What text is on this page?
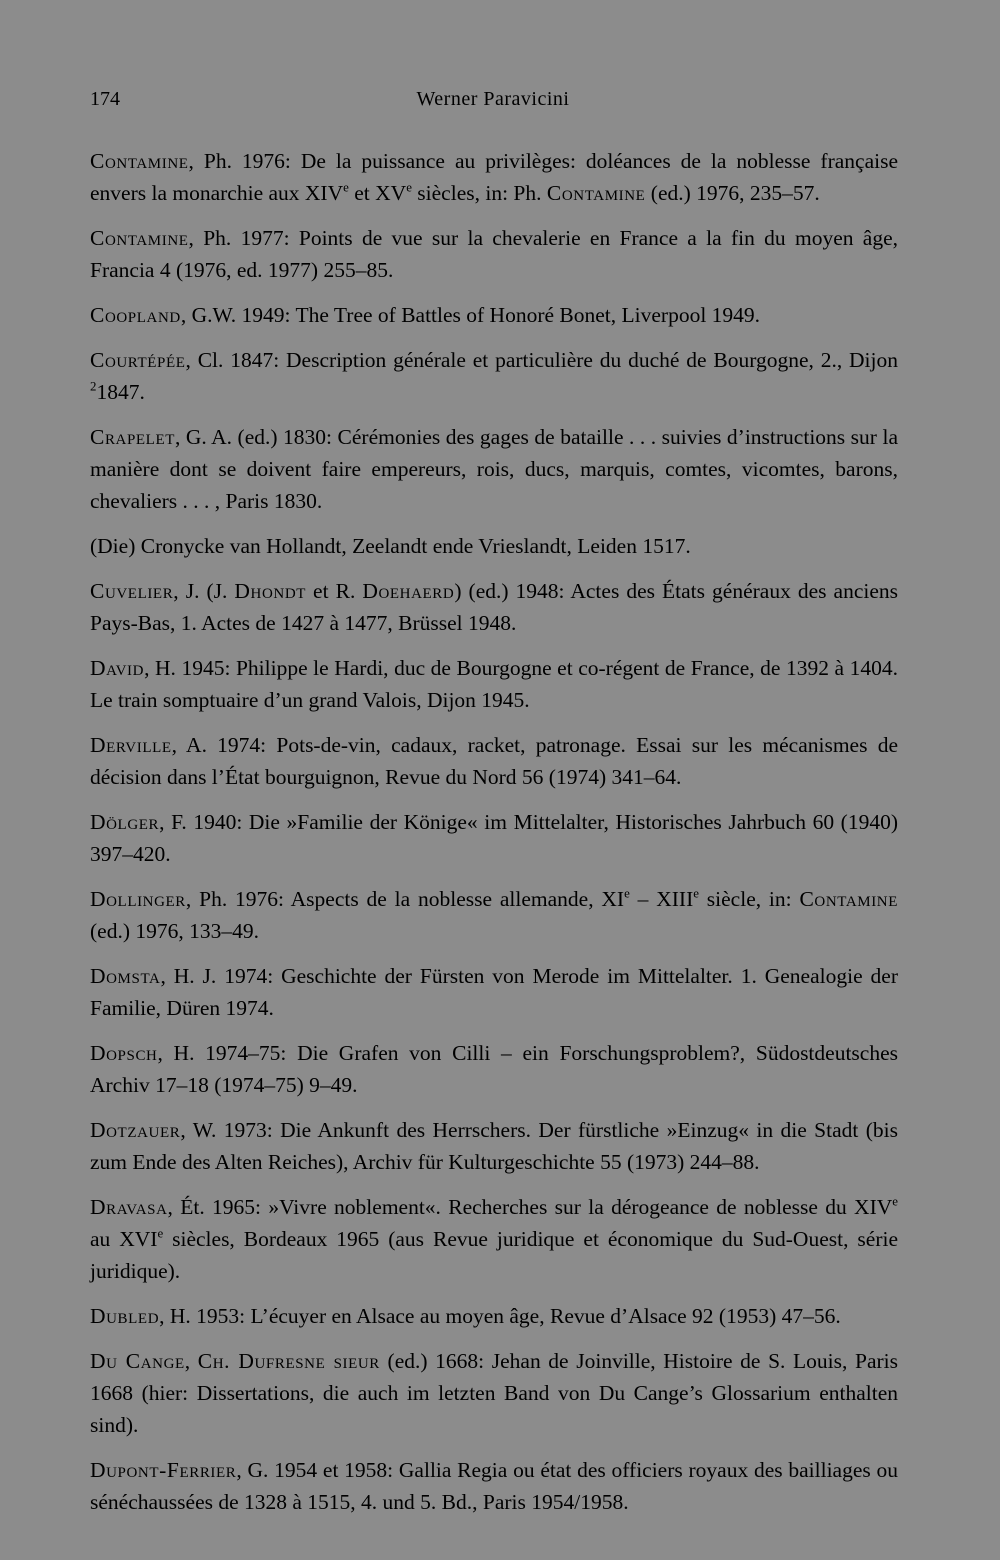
174	Werner Paravicini

Contamine, Ph. 1976: De la puissance au privilèges: doléances de la noblesse française envers la monarchie aux XIVe et XVe siècles, in: Ph. Contamine (ed.) 1976, 235–57.

Contamine, Ph. 1977: Points de vue sur la chevalerie en France a la fin du moyen âge, Francia 4 (1976, ed. 1977) 255–85.

Coopland, G.W. 1949: The Tree of Battles of Honoré Bonet, Liverpool 1949.

Courtépée, Cl. 1847: Description générale et particulière du duché de Bourgogne, 2., Dijon $^2$1847.

Crapelet, G. A. (ed.) 1830: Cérémonies des gages de bataille . . . suivies d’instructions sur la manière dont se doivent faire empereurs, rois, ducs, marquis, comtes, vicomtes, barons, chevaliers . . . , Paris 1830.

(Die) Cronycke van Hollandt, Zeelandt ende Vrieslandt, Leiden 1517.

Cuvelier, J. (J. Dhondt et R. Doehaerd) (ed.) 1948: Actes des États généraux des anciens Pays-Bas, 1. Actes de 1427 à 1477, Brüssel 1948.

David, H. 1945: Philippe le Hardi, duc de Bourgogne et co-régent de France, de 1392 à 1404. Le train somptuaire d’un grand Valois, Dijon 1945.

Derville, A. 1974: Pots-de-vin, cadaux, racket, patronage. Essai sur les mécanismes de décision dans l’État bourguignon, Revue du Nord 56 (1974) 341–64.

Dölger, F. 1940: Die »Familie der Könige« im Mittelalter, Historisches Jahrbuch 60 (1940) 397–420.

Dollinger, Ph. 1976: Aspects de la noblesse allemande, XIe – XIIIe siècle, in: Contamine (ed.) 1976, 133–49.

Domsta, H. J. 1974: Geschichte der Fürsten von Merode im Mittelalter. 1. Genealogie der Familie, Düren 1974.

Dopsch, H. 1974–75: Die Grafen von Cilli – ein Forschungsproblem?, Südostdeutsches Archiv 17–18 (1974–75) 9–49.

Dotzauer, W. 1973: Die Ankunft des Herrschers. Der fürstliche »Einzug« in die Stadt (bis zum Ende des Alten Reiches), Archiv für Kulturgeschichte 55 (1973) 244–88.

Dravasa, Ét. 1965: »Vivre noblement«. Recherches sur la dérogeance de noblesse du XIVe au XVIe siècles, Bordeaux 1965 (aus Revue juridique et économique du Sud-Ouest, série juridique).

Dubled, H. 1953: L’écuyer en Alsace au moyen âge, Revue d’Alsace 92 (1953) 47–56.

Du Cange, Ch. Dufresne sieur (ed.) 1668: Jehan de Joinville, Histoire de S. Louis, Paris 1668 (hier: Dissertations, die auch im letzten Band von Du Cange’s Glossarium enthalten sind).

Dupont-Ferrier, G. 1954 et 1958: Gallia Regia ou état des officiers royaux des bailliages ou sénéchaussées de 1328 à 1515, 4. und 5. Bd., Paris 1954/1958.
